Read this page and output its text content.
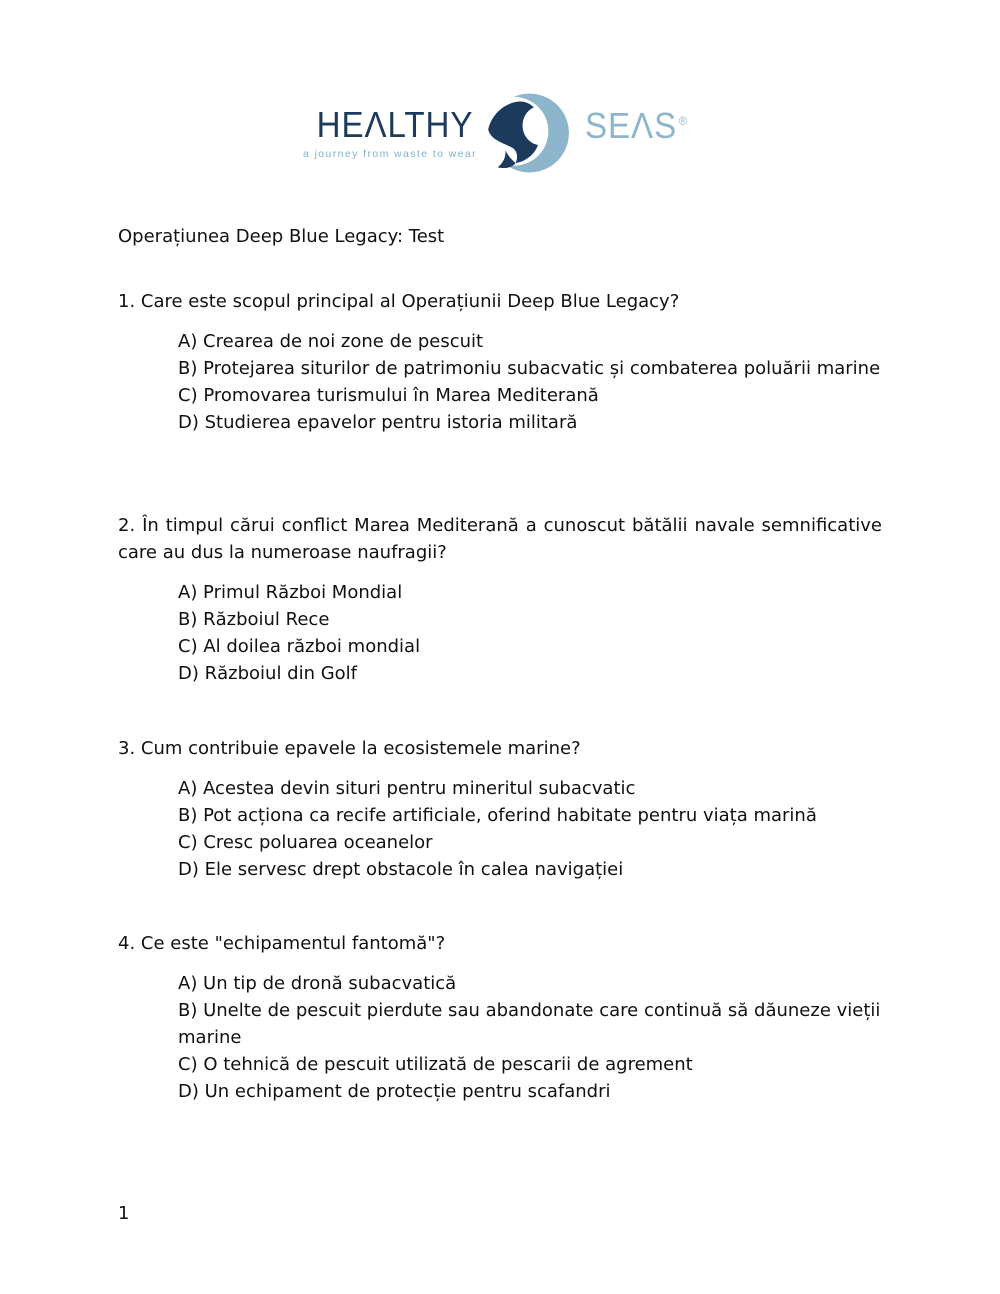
HEΛLTHY
a journey from waste to wear
SEΛS ®
Operațiunea Deep Blue Legacy: Test

1. Care este scopul principal al Operațiunii Deep Blue Legacy?

A) Crearea de noi zone de pescuit

B) Protejarea siturilor de patrimoniu subacvatic și combaterea poluării marine

C) Promovarea turismului în Marea Mediterană

D) Studierea epavelor pentru istoria militară

2. În timpul cărui conflict Marea Mediterană a cunoscut bătălii navale semnificative care au dus la numeroase naufragii?

A) Primul Război Mondial

B) Războiul Rece

C) Al doilea război mondial

D) Războiul din Golf

3. Cum contribuie epavele la ecosistemele marine?

A) Acestea devin situri pentru mineritul subacvatic

B) Pot acționa ca recife artificiale, oferind habitate pentru viața marină

C) Cresc poluarea oceanelor

D) Ele servesc drept obstacole în calea navigației

4. Ce este "echipamentul fantomă"?

A) Un tip de dronă subacvatică

B) Unelte de pescuit pierdute sau abandonate care continuă să dăuneze vieții marine

C) O tehnică de pescuit utilizată de pescarii de agrement

D) Un echipament de protecție pentru scafandri

1
